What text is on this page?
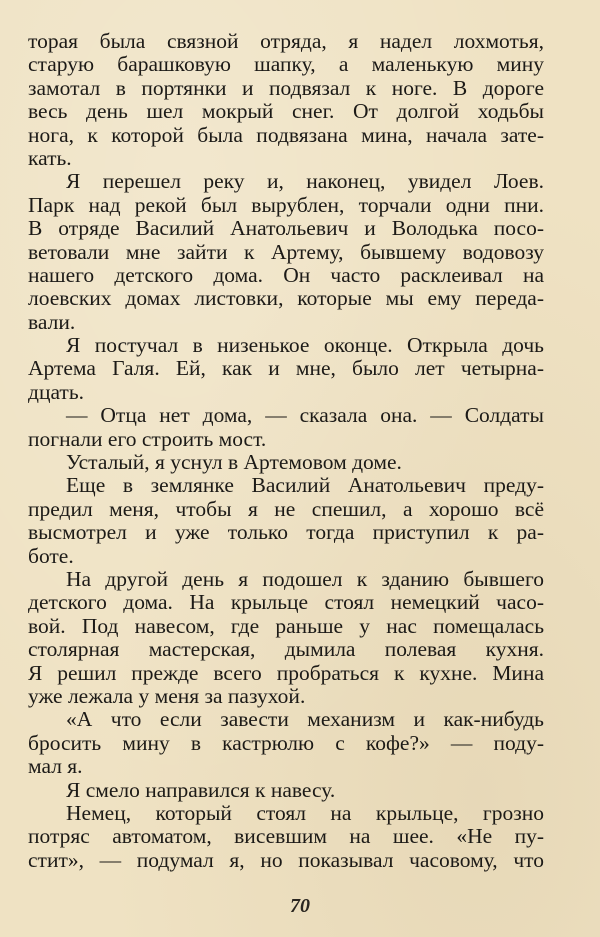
торая была связной отряда, я надел лохмотья,
старую барашковую шапку, а маленькую мину
замотал в портянки и подвязал к ноге. В дороге
весь день шел мокрый снег. От долгой ходьбы
нога, к которой была подвязана мина, начала зате-
кать.
Я перешел реку и, наконец, увидел Лоев.
Парк над рекой был вырублен, торчали одни пни.
В отряде Василий Анатольевич и Володька посо-
ветовали мне зайти к Артему, бывшему водовозу
нашего детского дома. Он часто расклеивал на
лоевских домах листовки, которые мы ему переда-
вали.
Я постучал в низенькое оконце. Открыла дочь
Артема Галя. Ей, как и мне, было лет четырна-
дцать.
— Отца нет дома, — сказала она. — Солдаты
погнали его строить мост.
Усталый, я уснул в Артемовом доме.
Еще в землянке Василий Анатольевич преду-
предил меня, чтобы я не спешил, а хорошо всё
высмотрел и уже только тогда приступил к ра-
боте.
На другой день я подошел к зданию бывшего
детского дома. На крыльце стоял немецкий часо-
вой. Под навесом, где раньше у нас помещалась
столярная мастерская, дымила полевая кухня.
Я решил прежде всего пробраться к кухне. Мина
уже лежала у меня за пазухой.
«А что если завести механизм и как-нибудь
бросить мину в кастрюлю с кофе?» — поду-
мал я.
Я смело направился к навесу.
Немец, который стоял на крыльце, грозно
потряс автоматом, висевшим на шее. «Не пу-
стит», — подумал я, но показывал часовому, что
70
